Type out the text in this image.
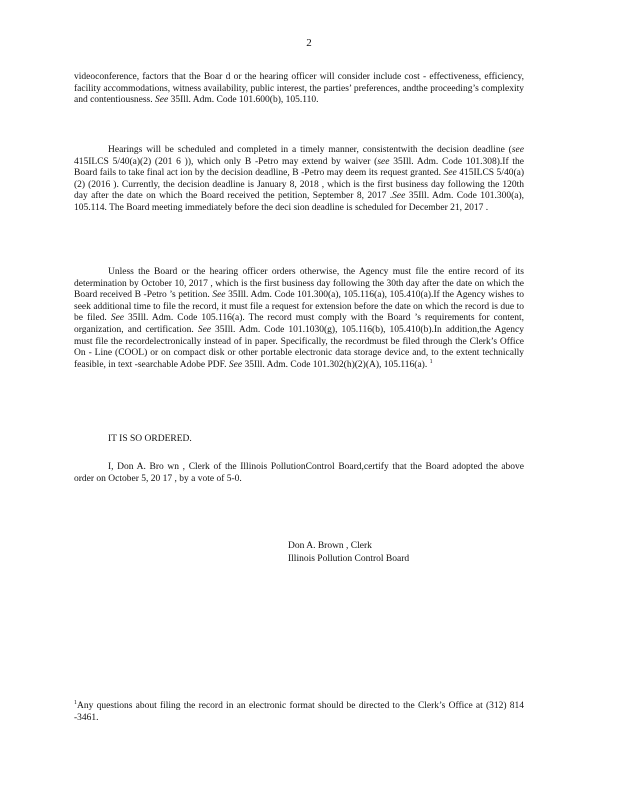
2
videoconference, factors that the Boar d or the hearing officer will consider include cost - effectiveness, efficiency, facility accommodations, witness availability, public interest, the parties’ preferences, andthe proceeding’s complexity and contentiousness. See 35Ill. Adm. Code 101.600(b), 105.110.
Hearings will be scheduled and completed in a timely manner, consistentwith the decision deadline (see 415ILCS 5/40(a)(2) (201 6 )), which only B -Petro may extend by waiver (see 35Ill. Adm. Code 101.308).If the Board fails to take final act ion by the decision deadline, B -Petro may deem its request granted. See 415ILCS 5/40(a)(2) (2016 ). Currently, the decision deadline is January 8, 2018 , which is the first business day following the 120th day after the date on which the Board received the petition, September 8, 2017 .See 35Ill. Adm. Code 101.300(a), 105.114. The Board meeting immediately before the deci sion deadline is scheduled for December 21, 2017 .
Unless the Board or the hearing officer orders otherwise, the Agency must file the entire record of its determination by October 10, 2017 , which is the first business day following the 30th day after the date on which the Board received B -Petro ’s petition. See 35Ill. Adm. Code 101.300(a), 105.116(a), 105.410(a).If the Agency wishes to seek additional time to file the record, it must file a request for extension before the date on which the record is due to be filed. See 35Ill. Adm. Code 105.116(a). The record must comply with the Board ’s requirements for content, organization, and certification. See 35Ill. Adm. Code 101.1030(g), 105.116(b), 105.410(b).In addition,the Agency must file the recordelectronically instead of in paper. Specifically, the recordmust be filed through the Clerk’s Office On - Line (COOL) or on compact disk or other portable electronic data storage device and, to the extent technically feasible, in text -searchable Adobe PDF. See 35Ill. Adm. Code 101.302(h)(2)(A), 105.116(a). $^1$
IT IS SO ORDERED.
I, Don A. Bro wn , Clerk of the Illinois PollutionControl Board,certify that the Board adopted the above order on October 5, 20 17 , by a vote of 5-0.
Don A. Brown , Clerk
Illinois Pollution Control Board
$^1$Any questions about filing the record in an electronic format should be directed to the Clerk’s Office at (312) 814 -3461.
